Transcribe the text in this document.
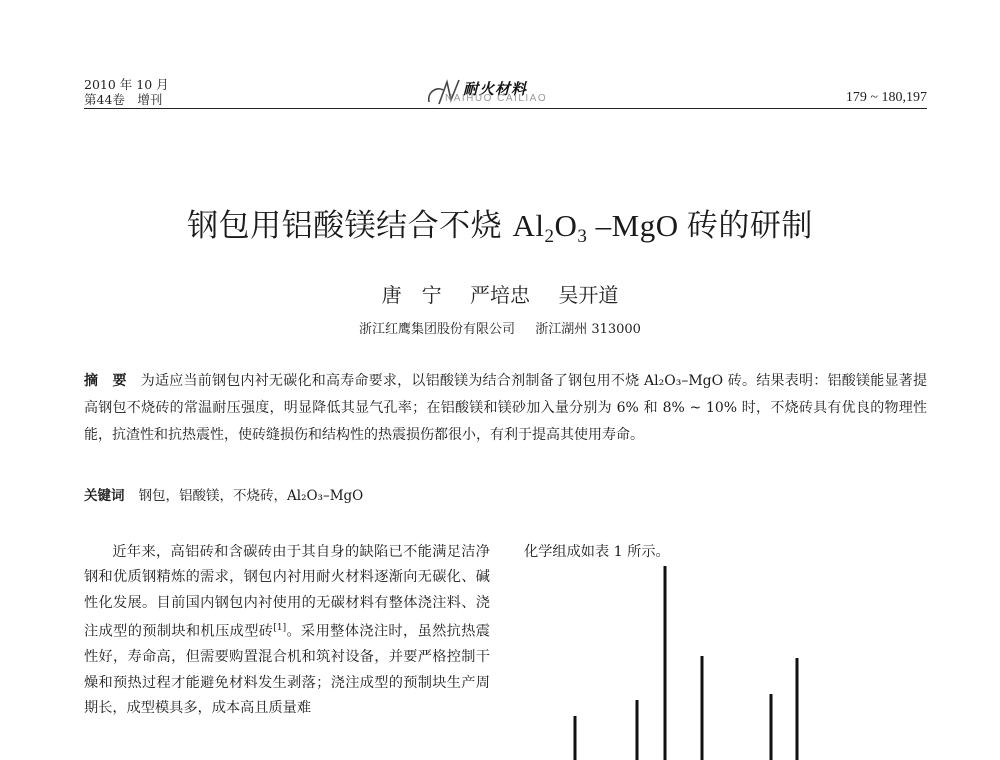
2010 年 10 月
第44卷　增刊
耐火材料
NAIHUO CAILIAO	179 ~ 180,197
钢包用铝酸镁结合不烧 $Al_2O_3$ –MgO 砖的研制
唐　宁 严培忠 吴开道
浙江红鹰集团股份有限公司 浙江湖州 313000
摘　要 为适应当前钢包内衬无碳化和高寿命要求，以铝酸镁为结合剂制备了钢包用不烧 Al₂O₃–MgO 砖。结果表明：铝酸镁能显著提高钢包不烧砖的常温耐压强度，明显降低其显气孔率；在铝酸镁和镁砂加入量分别为 6% 和 8% ~ 10% 时，不烧砖具有优良的物理性能，抗渣性和抗热震性，使砖缝损伤和结构性的热震损伤都很小，有利于提高其使用寿命。
关键词 钢包，铝酸镁，不烧砖，Al₂O₃–MgO

近年来，高铝砖和含碳砖由于其自身的缺陷已不能满足洁净钢和优质钢精炼的需求，钢包内衬用耐火材料逐渐向无碳化、碱性化发展。目前国内钢包内衬使用的无碳材料有整体浇注料、浇注成型的预制块和机压成型砖[1]。采用整体浇注时，虽然抗热震性好，寿命高，但需要购置混合机和筑衬设备，并要严格控制干燥和预热过程才能避免材料发生剥落；浇注成型的预制块生产周期长，成型模具多，成本高且质量难

化学组成如表 1 所示。
